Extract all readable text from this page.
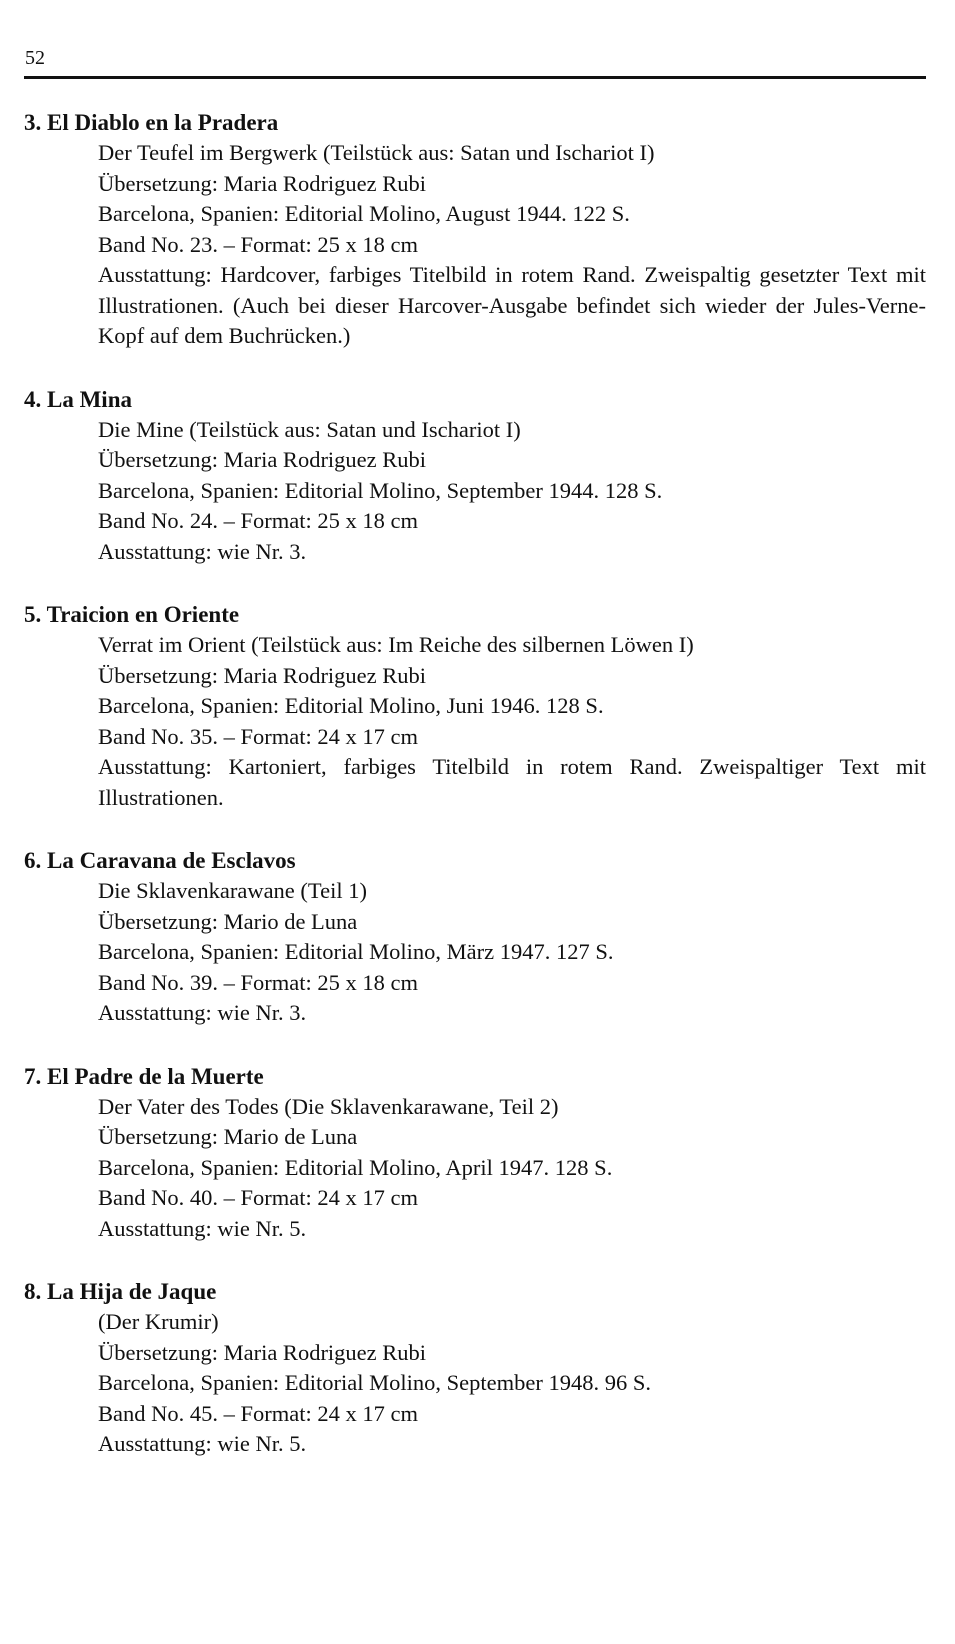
52
3. El Diablo en la Pradera
Der Teufel im Bergwerk (Teilstück aus: Satan und Ischariot I)
Übersetzung: Maria Rodriguez Rubi
Barcelona, Spanien: Editorial Molino, August 1944. 122 S.
Band No. 23. – Format: 25 x 18 cm
Ausstattung: Hardcover, farbiges Titelbild in rotem Rand. Zweispaltig gesetzter Text mit Illustrationen. (Auch bei dieser Harcover-Ausgabe befindet sich wieder der Jules-Verne-Kopf auf dem Buchrücken.)
4. La Mina
Die Mine (Teilstück aus: Satan und Ischariot I)
Übersetzung: Maria Rodriguez Rubi
Barcelona, Spanien: Editorial Molino, September 1944. 128 S.
Band No. 24. – Format: 25 x 18 cm
Ausstattung: wie Nr. 3.
5. Traicion en Oriente
Verrat im Orient (Teilstück aus: Im Reiche des silbernen Löwen I)
Übersetzung: Maria Rodriguez Rubi
Barcelona, Spanien: Editorial Molino, Juni 1946. 128 S.
Band No. 35. – Format: 24 x 17 cm
Ausstattung: Kartoniert, farbiges Titelbild in rotem Rand. Zweispaltiger Text mit Illustrationen.
6. La Caravana de Esclavos
Die Sklavenkarawane (Teil 1)
Übersetzung: Mario de Luna
Barcelona, Spanien: Editorial Molino, März 1947. 127 S.
Band No. 39. – Format: 25 x 18 cm
Ausstattung: wie Nr. 3.
7. El Padre de la Muerte
Der Vater des Todes (Die Sklavenkarawane, Teil 2)
Übersetzung: Mario de Luna
Barcelona, Spanien: Editorial Molino, April 1947. 128 S.
Band No. 40. – Format: 24 x 17 cm
Ausstattung: wie Nr. 5.
8. La Hija de Jaque
(Der Krumir)
Übersetzung: Maria Rodriguez Rubi
Barcelona, Spanien: Editorial Molino, September 1948. 96 S.
Band No. 45. – Format: 24 x 17 cm
Ausstattung: wie Nr. 5.
